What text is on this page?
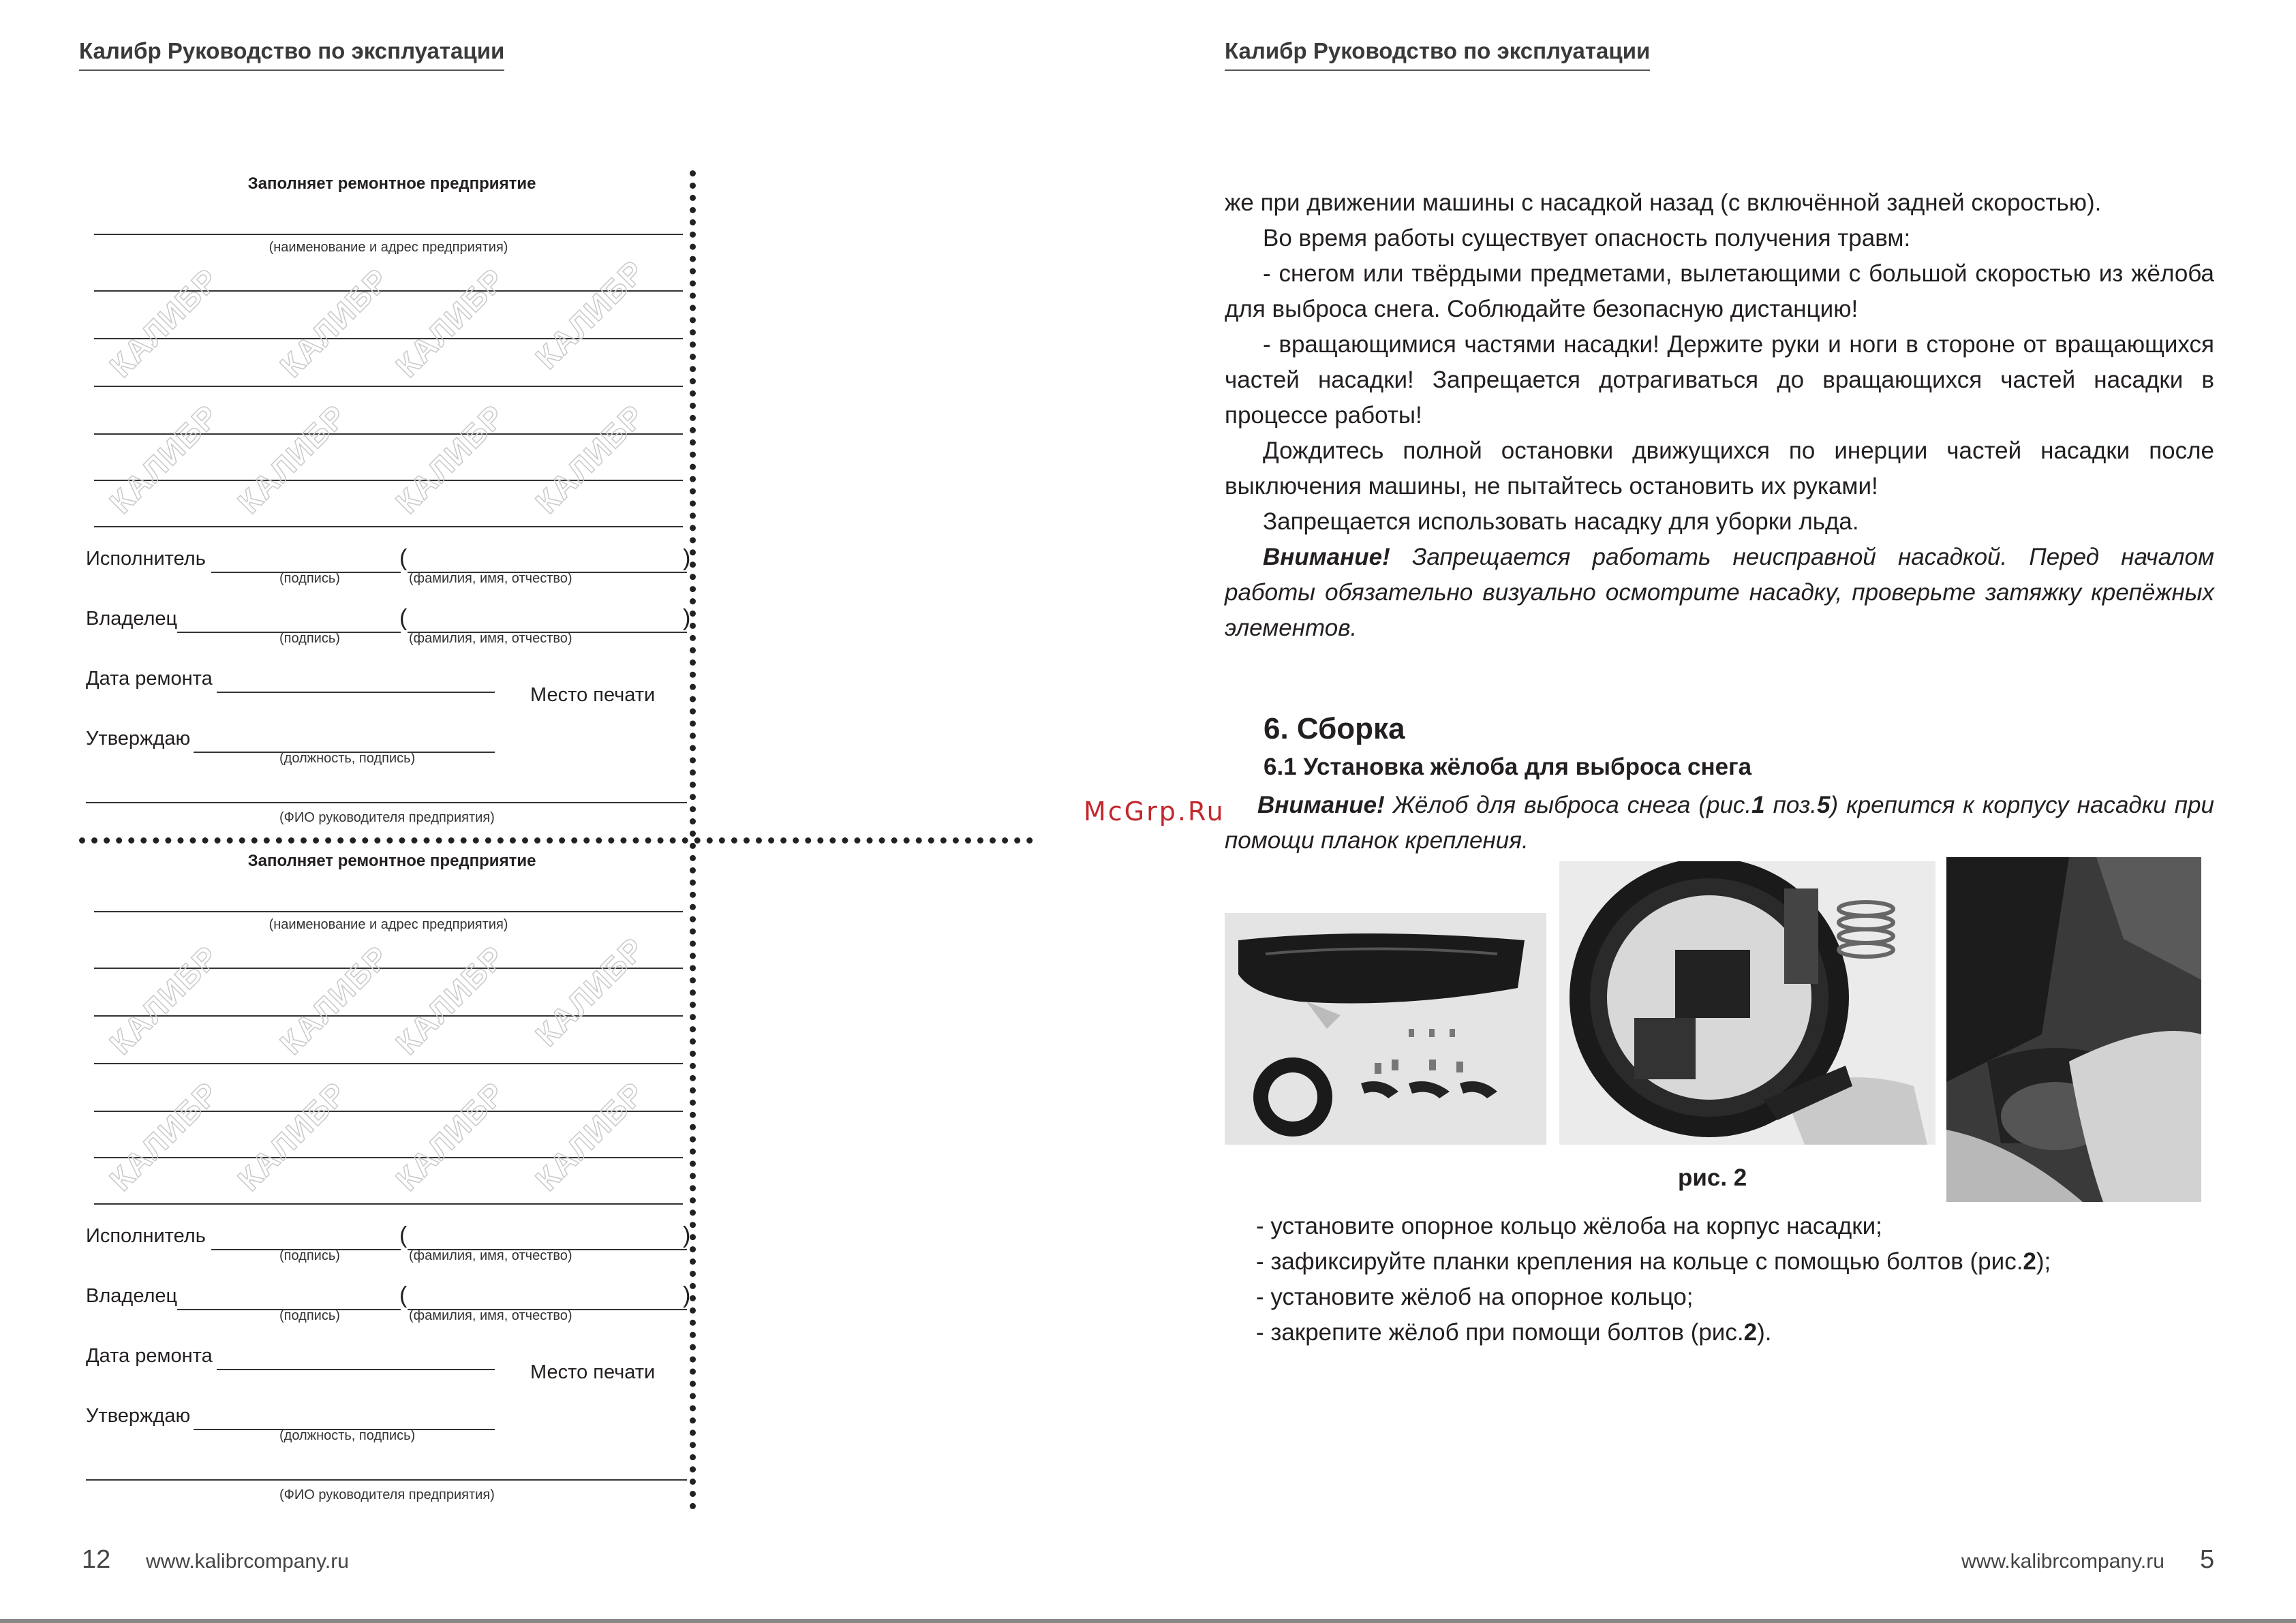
Калибр Руководство по эксплуатации
Заполняет ремонтное предприятие
(наименование и адрес предприятия)
КАЛИБР КАЛИБР
КАЛИБР КАЛИБР
КАЛИБР КАЛИБР КАЛИБР КАЛИБР
Исполнитель	(	)
(подпись)	(фамилия, имя, отчество)
Владелец	(	)
(подпись)	(фамилия, имя, отчество)
Дата ремонта
Место печати
Утверждаю
(должность, подпись)
(ФИО руководителя предприятия)
Заполняет ремонтное предприятие
(наименование и адрес предприятия)
КАЛИБР КАЛИБР
КАЛИБР КАЛИБР
КАЛИБР КАЛИБР КАЛИБР КАЛИБР
Исполнитель	(	)
(подпись)	(фамилия, имя, отчество)
Владелец	(	)
(подпись)	(фамилия, имя, отчество)
Дата ремонта
Место печати
Утверждаю
(должность, подпись)
(ФИО руководителя предприятия)
12 www.kalibrcompany.ru
Калибр Руководство по эксплуатации
же при движении машины с насадкой назад (с включённой задней скоростью).
Во время работы существует опасность получения травм:
- снегом или твёрдыми предметами, вылетающими с большой скоростью из жёлоба для выброса снега. Соблюдайте безопасную дистанцию!
- вращающимися частями насадки! Держите руки и ноги в стороне от вращающихся частей насадки! Запрещается дотрагиваться до вращающихся частей насадки в процессе работы!
Дождитесь полной остановки движущихся по инерции частей насадки после выключения машины, не пытайтесь остановить их руками!
Запрещается использовать насадку для уборки льда.
Внимание! Запрещается работать неисправной насадкой. Перед началом работы обязательно визуально осмотрите насадку, проверьте затяжку крепёжных элементов.
6. Сборка
6.1 Установка жёлоба для выброса снега
Внимание! Жёлоб для выброса снега (рис.1 поз.5) крепится к корпусу насадки при помощи планок крепления.
McGrp.Ru
рис. 2
- установите опорное кольцо жёлоба на корпус насадки;
- зафиксируйте планки крепления на кольце с помощью болтов (рис.2);
- установите жёлоб на опорное кольцо;
- закрепите жёлоб при помощи болтов (рис.2).
www.kalibrcompany.ru 5
